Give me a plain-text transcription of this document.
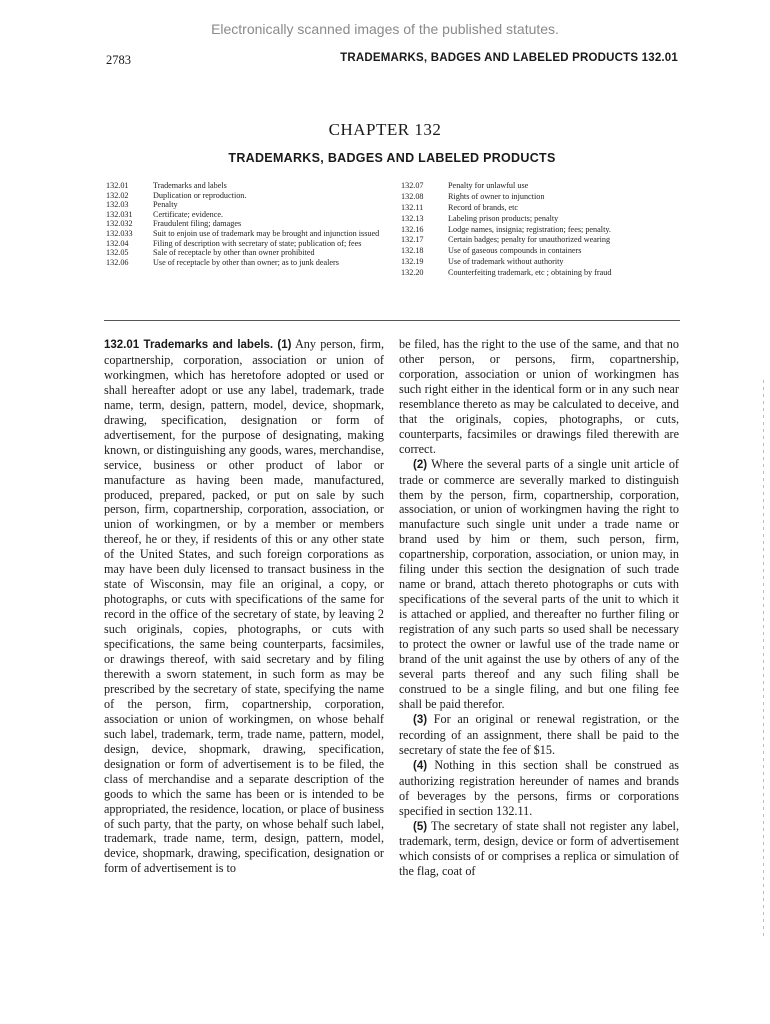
Electronically scanned images of the published statutes.
2783	TRADEMARKS, BADGES AND LABELED PRODUCTS 132.01
CHAPTER 132
TRADEMARKS, BADGES AND LABELED PRODUCTS
132.01	Trademarks and labels
132.02	Duplication or reproduction.
132.03	Penalty
132.031	Certificate; evidence.
132.032	Fraudulent filing; damages
132.033	Suit to enjoin use of trademark may be brought and injunction issued
132.04	Filing of description with secretary of state; publication of; fees
132.05	Sale of receptacle by other than owner prohibited
132.06	Use of receptacle by other than owner; as to junk dealers
132.07	Penalty for unlawful use
132.08	Rights of owner to injunction
132.11	Record of brands, etc
132.13	Labeling prison products; penalty
132.16	Lodge names, insignia; registration; fees; penalty.
132.17	Certain badges; penalty for unauthorized wearing
132.18	Use of gaseous compounds in containers
132.19	Use of trademark without authority
132.20	Counterfeiting trademark, etc ; obtaining by fraud

132.01 Trademarks and labels. (1) Any person, firm, copartnership, corporation, association or union of workingmen, which has heretofore adopted or used or shall hereafter adopt or use any label, trademark, trade name, term, design, pattern, model, device, shopmark, drawing, specification, designation or form of advertisement, for the purpose of designating, making known, or distinguishing any goods, wares, merchandise, service, business or other product of labor or manufacture as having been made, manufactured, produced, prepared, packed, or put on sale by such person, firm, copartnership, corporation, association, or union of workingmen, or by a member or members thereof, he or they, if residents of this or any other state of the United States, and such foreign corporations as may have been duly licensed to transact business in the state of Wisconsin, may file an original, a copy, or photographs, or cuts with specifications of the same for record in the office of the secretary of state, by leaving 2 such originals, copies, photographs, or cuts with specifications, the same being counterparts, facsimiles, or drawings thereof, with said secretary and by filing therewith a sworn statement, in such form as may be prescribed by the secretary of state, specifying the name of the person, firm, copartnership, corporation, association or union of workingmen, on whose behalf such label, trademark, term, trade name, pattern, model, design, device, shopmark, drawing, specification, designation or form of advertisement is to be filed, the class of merchandise and a separate description of the goods to which the same has been or is intended to be appropriated, the residence, location, or place of business of such party, that the party, on whose behalf such label, trademark, trade name, term, design, pattern, model, device, shopmark, drawing, specification, designation or form of advertisement is to

be filed, has the right to the use of the same, and that no other person, or persons, firm, copartnership, corporation, association or union of workingmen has such right either in the identical form or in any such near resemblance thereto as may be calculated to deceive, and that the originals, copies, photographs, or cuts, counterparts, facsimiles or drawings filed therewith are correct.

(2) Where the several parts of a single unit article of trade or commerce are severally marked to distinguish them by the person, firm, copartnership, corporation, association, or union of workingmen having the right to manufacture such single unit under a trade name or brand used by him or them, such person, firm, copartnership, corporation, association, or union may, in filing under this section the designation of such trade name or brand, attach thereto photographs or cuts with specifications of the several parts of the unit to which it is attached or applied, and thereafter no further filing or registration of any such parts so used shall be necessary to protect the owner or lawful use of the trade name or brand of the unit against the use by others of any of the several parts thereof and any such filing shall be construed to be a single filing, and but one filing fee shall be paid therefor.

(3) For an original or renewal registration, or the recording of an assignment, there shall be paid to the secretary of state the fee of $15.

(4) Nothing in this section shall be construed as authorizing registration hereunder of names and brands of beverages by the persons, firms or corporations specified in section 132.11.

(5) The secretary of state shall not register any label, trademark, term, design, device or form of advertisement which consists of or comprises a replica or simulation of the flag, coat of
